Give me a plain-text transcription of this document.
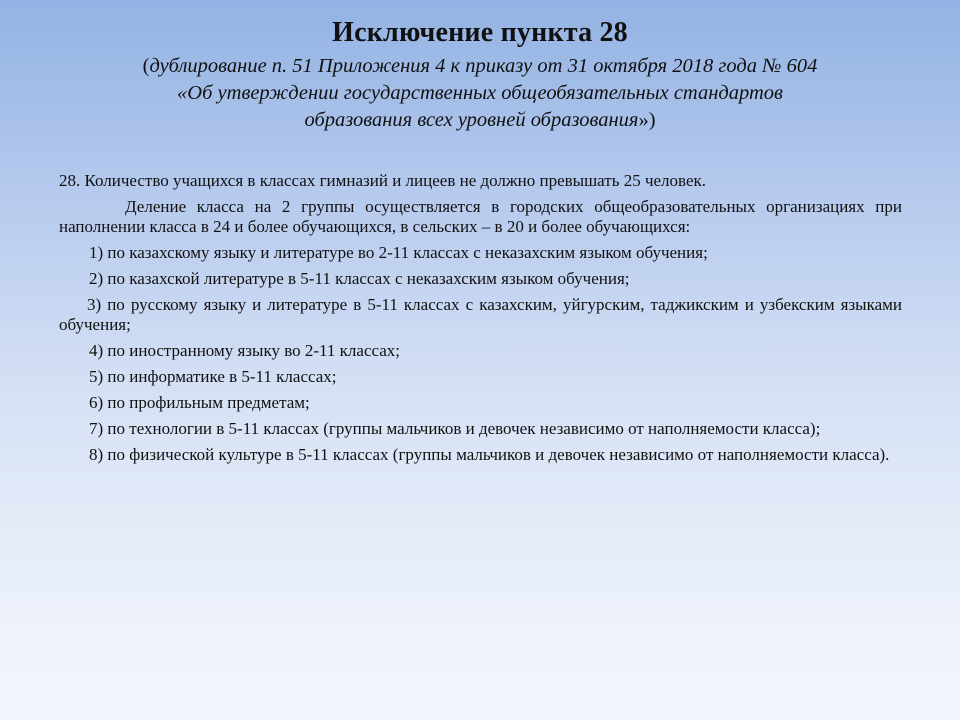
Исключение пункта 28
(дублирование п. 51 Приложения 4 к приказу от 31 октября 2018 года № 604
«Об утверждении государственных общеобязательных стандартов
образования всех уровней образования»)

28. Количество учащихся в классах гимназий и лицеев не должно превышать 25 человек.

Деление класса на 2 группы осуществляется в городских общеобразовательных организациях при наполнении класса в 24 и более обучающихся, в сельских – в 20 и более обучающихся:

1) по казахскому языку и литературе во 2-11 классах с неказахским языком обучения;

2) по казахской литературе в 5-11 классах с неказахским языком обучения;

3) по русскому языку и литературе в 5-11 классах с казахским, уйгурским, таджикским и узбекским языками обучения;

4) по иностранному языку во 2-11 классах;

5) по информатике в 5-11 классах;

6) по профильным предметам;

7) по технологии в 5-11 классах (группы мальчиков и девочек независимо от наполняемости класса);

8) по физической культуре в 5-11 классах (группы мальчиков и девочек независимо от наполняемости класса).
